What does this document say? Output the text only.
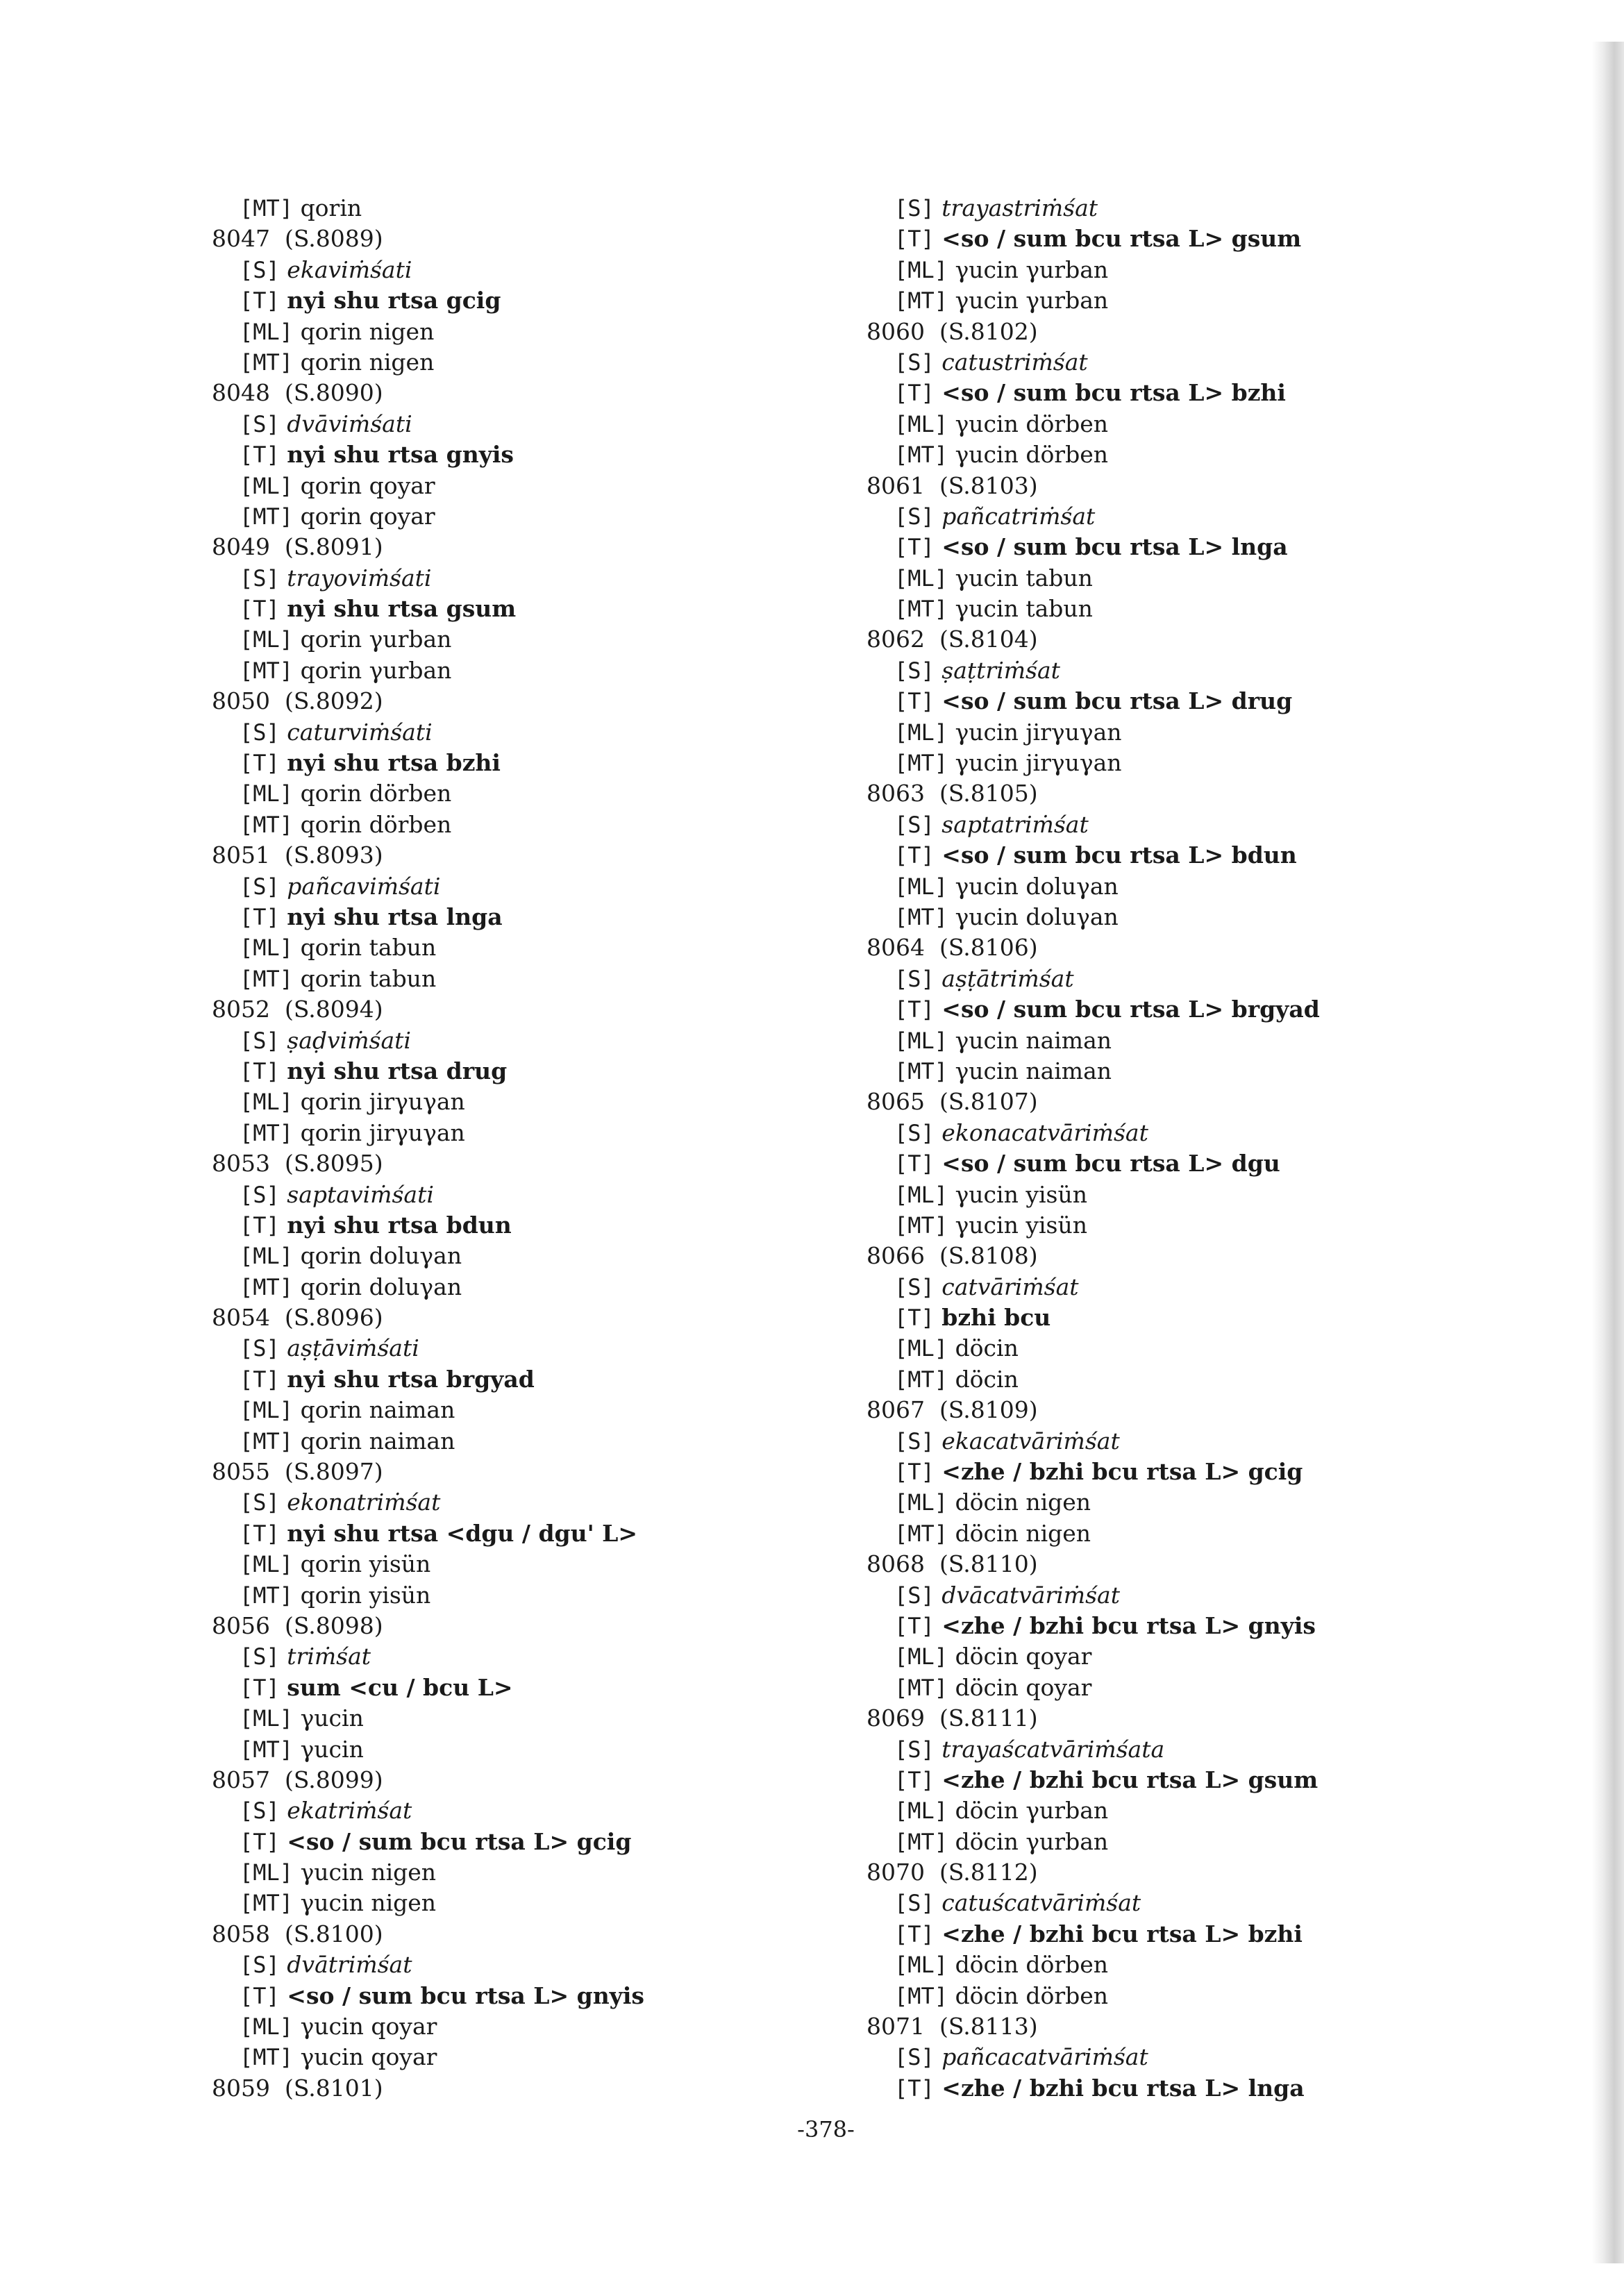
[MT] qorin
8047  (S.8089)
[S] ekaviṁśati
[T] nyi shu rtsa gcig
[ML] qorin nigen
[MT] qorin nigen
8048  (S.8090)
[S] dvāviṁśati
[T] nyi shu rtsa gnyis
[ML] qorin qoyar
[MT] qorin qoyar
8049  (S.8091)
[S] trayoviṁśati
[T] nyi shu rtsa gsum
[ML] qorin γurban
[MT] qorin γurban
8050  (S.8092)
[S] caturviṁśati
[T] nyi shu rtsa bzhi
[ML] qorin dörben
[MT] qorin dörben
8051  (S.8093)
[S] pañcaviṁśati
[T] nyi shu rtsa lnga
[ML] qorin tabun
[MT] qorin tabun
8052  (S.8094)
[S] ṣaḍviṁśati
[T] nyi shu rtsa drug
[ML] qorin jirγuγan
[MT] qorin jirγuγan
8053  (S.8095)
[S] saptaviṁśati
[T] nyi shu rtsa bdun
[ML] qorin doluγan
[MT] qorin doluγan
8054  (S.8096)
[S] aṣṭāviṁśati
[T] nyi shu rtsa brgyad
[ML] qorin naiman
[MT] qorin naiman
8055  (S.8097)
[S] ekonatriṁśat
[T] nyi shu rtsa <dgu / dgu' L>
[ML] qorin yisün
[MT] qorin yisün
8056  (S.8098)
[S] triṁśat
[T] sum <cu / bcu L>
[ML] γucin
[MT] γucin
8057  (S.8099)
[S] ekatriṁśat
[T] <so / sum bcu rtsa L> gcig
[ML] γucin nigen
[MT] γucin nigen
8058  (S.8100)
[S] dvātriṁśat
[T] <so / sum bcu rtsa L> gnyis
[ML] γucin qoyar
[MT] γucin qoyar
8059  (S.8101)
[S] trayastriṁśat
[T] <so / sum bcu rtsa L> gsum
[ML] γucin γurban
[MT] γucin γurban
8060  (S.8102)
[S] catustriṁśat
[T] <so / sum bcu rtsa L> bzhi
[ML] γucin dörben
[MT] γucin dörben
8061  (S.8103)
[S] pañcatriṁśat
[T] <so / sum bcu rtsa L> lnga
[ML] γucin tabun
[MT] γucin tabun
8062  (S.8104)
[S] ṣaṭtriṁśat
[T] <so / sum bcu rtsa L> drug
[ML] γucin jirγuγan
[MT] γucin jirγuγan
8063  (S.8105)
[S] saptatriṁśat
[T] <so / sum bcu rtsa L> bdun
[ML] γucin doluγan
[MT] γucin doluγan
8064  (S.8106)
[S] aṣṭātriṁśat
[T] <so / sum bcu rtsa L> brgyad
[ML] γucin naiman
[MT] γucin naiman
8065  (S.8107)
[S] ekonacatvāriṁśat
[T] <so / sum bcu rtsa L> dgu
[ML] γucin yisün
[MT] γucin yisün
8066  (S.8108)
[S] catvāriṁśat
[T] bzhi bcu
[ML] döcin
[MT] döcin
8067  (S.8109)
[S] ekacatvāriṁśat
[T] <zhe / bzhi bcu rtsa L> gcig
[ML] döcin nigen
[MT] döcin nigen
8068  (S.8110)
[S] dvācatvāriṁśat
[T] <zhe / bzhi bcu rtsa L> gnyis
[ML] döcin qoyar
[MT] döcin qoyar
8069  (S.8111)
[S] trayaścatvāriṁśata
[T] <zhe / bzhi bcu rtsa L> gsum
[ML] döcin γurban
[MT] döcin γurban
8070  (S.8112)
[S] catuścatvāriṁśat
[T] <zhe / bzhi bcu rtsa L> bzhi
[ML] döcin dörben
[MT] döcin dörben
8071  (S.8113)
[S] pañcacatvāriṁśat
[T] <zhe / bzhi bcu rtsa L> lnga
-378-
